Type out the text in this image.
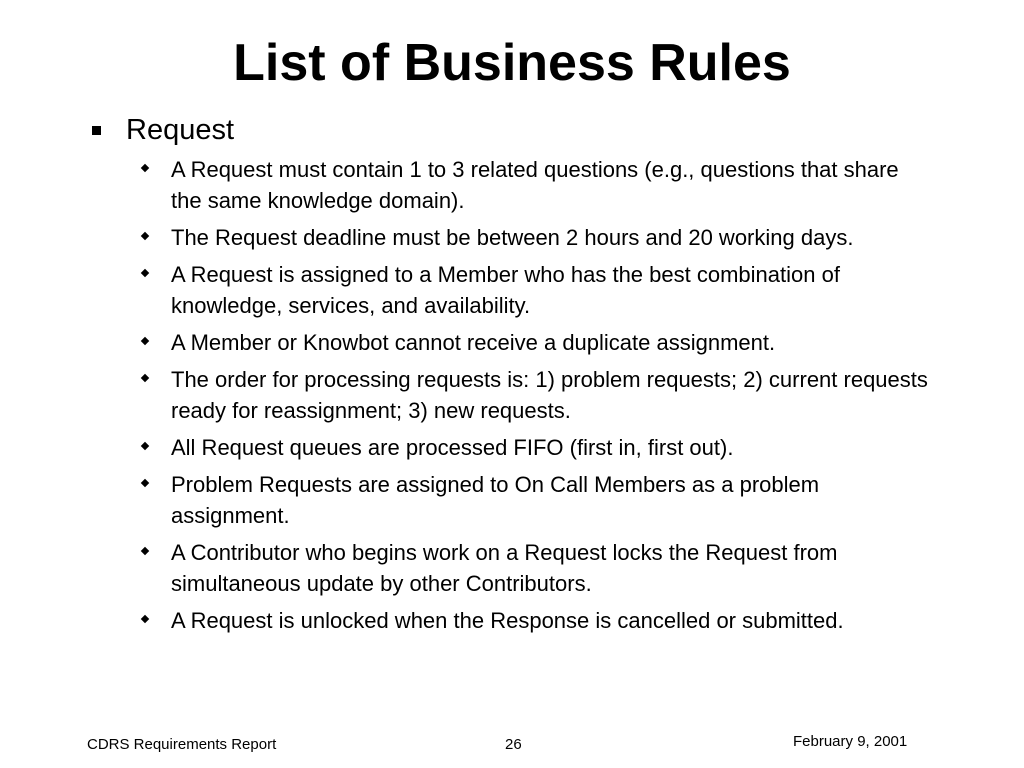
List of Business Rules
Request
A Request must contain 1 to 3 related questions (e.g., questions that share the same knowledge domain).
The Request deadline must be between 2 hours and 20 working days.
A Request is assigned to a Member who has the best combination of knowledge, services, and availability.
A Member or Knowbot cannot receive a duplicate assignment.
The order for processing requests is: 1) problem requests; 2) current requests ready for reassignment; 3) new requests.
All Request queues are processed FIFO (first in, first out).
Problem Requests are assigned to On Call Members as a problem assignment.
A Contributor who begins work on a Request locks the Request from simultaneous update by other Contributors.
A Request is unlocked when the Response is cancelled or submitted.
CDRS Requirements Report	26	February 9, 2001
